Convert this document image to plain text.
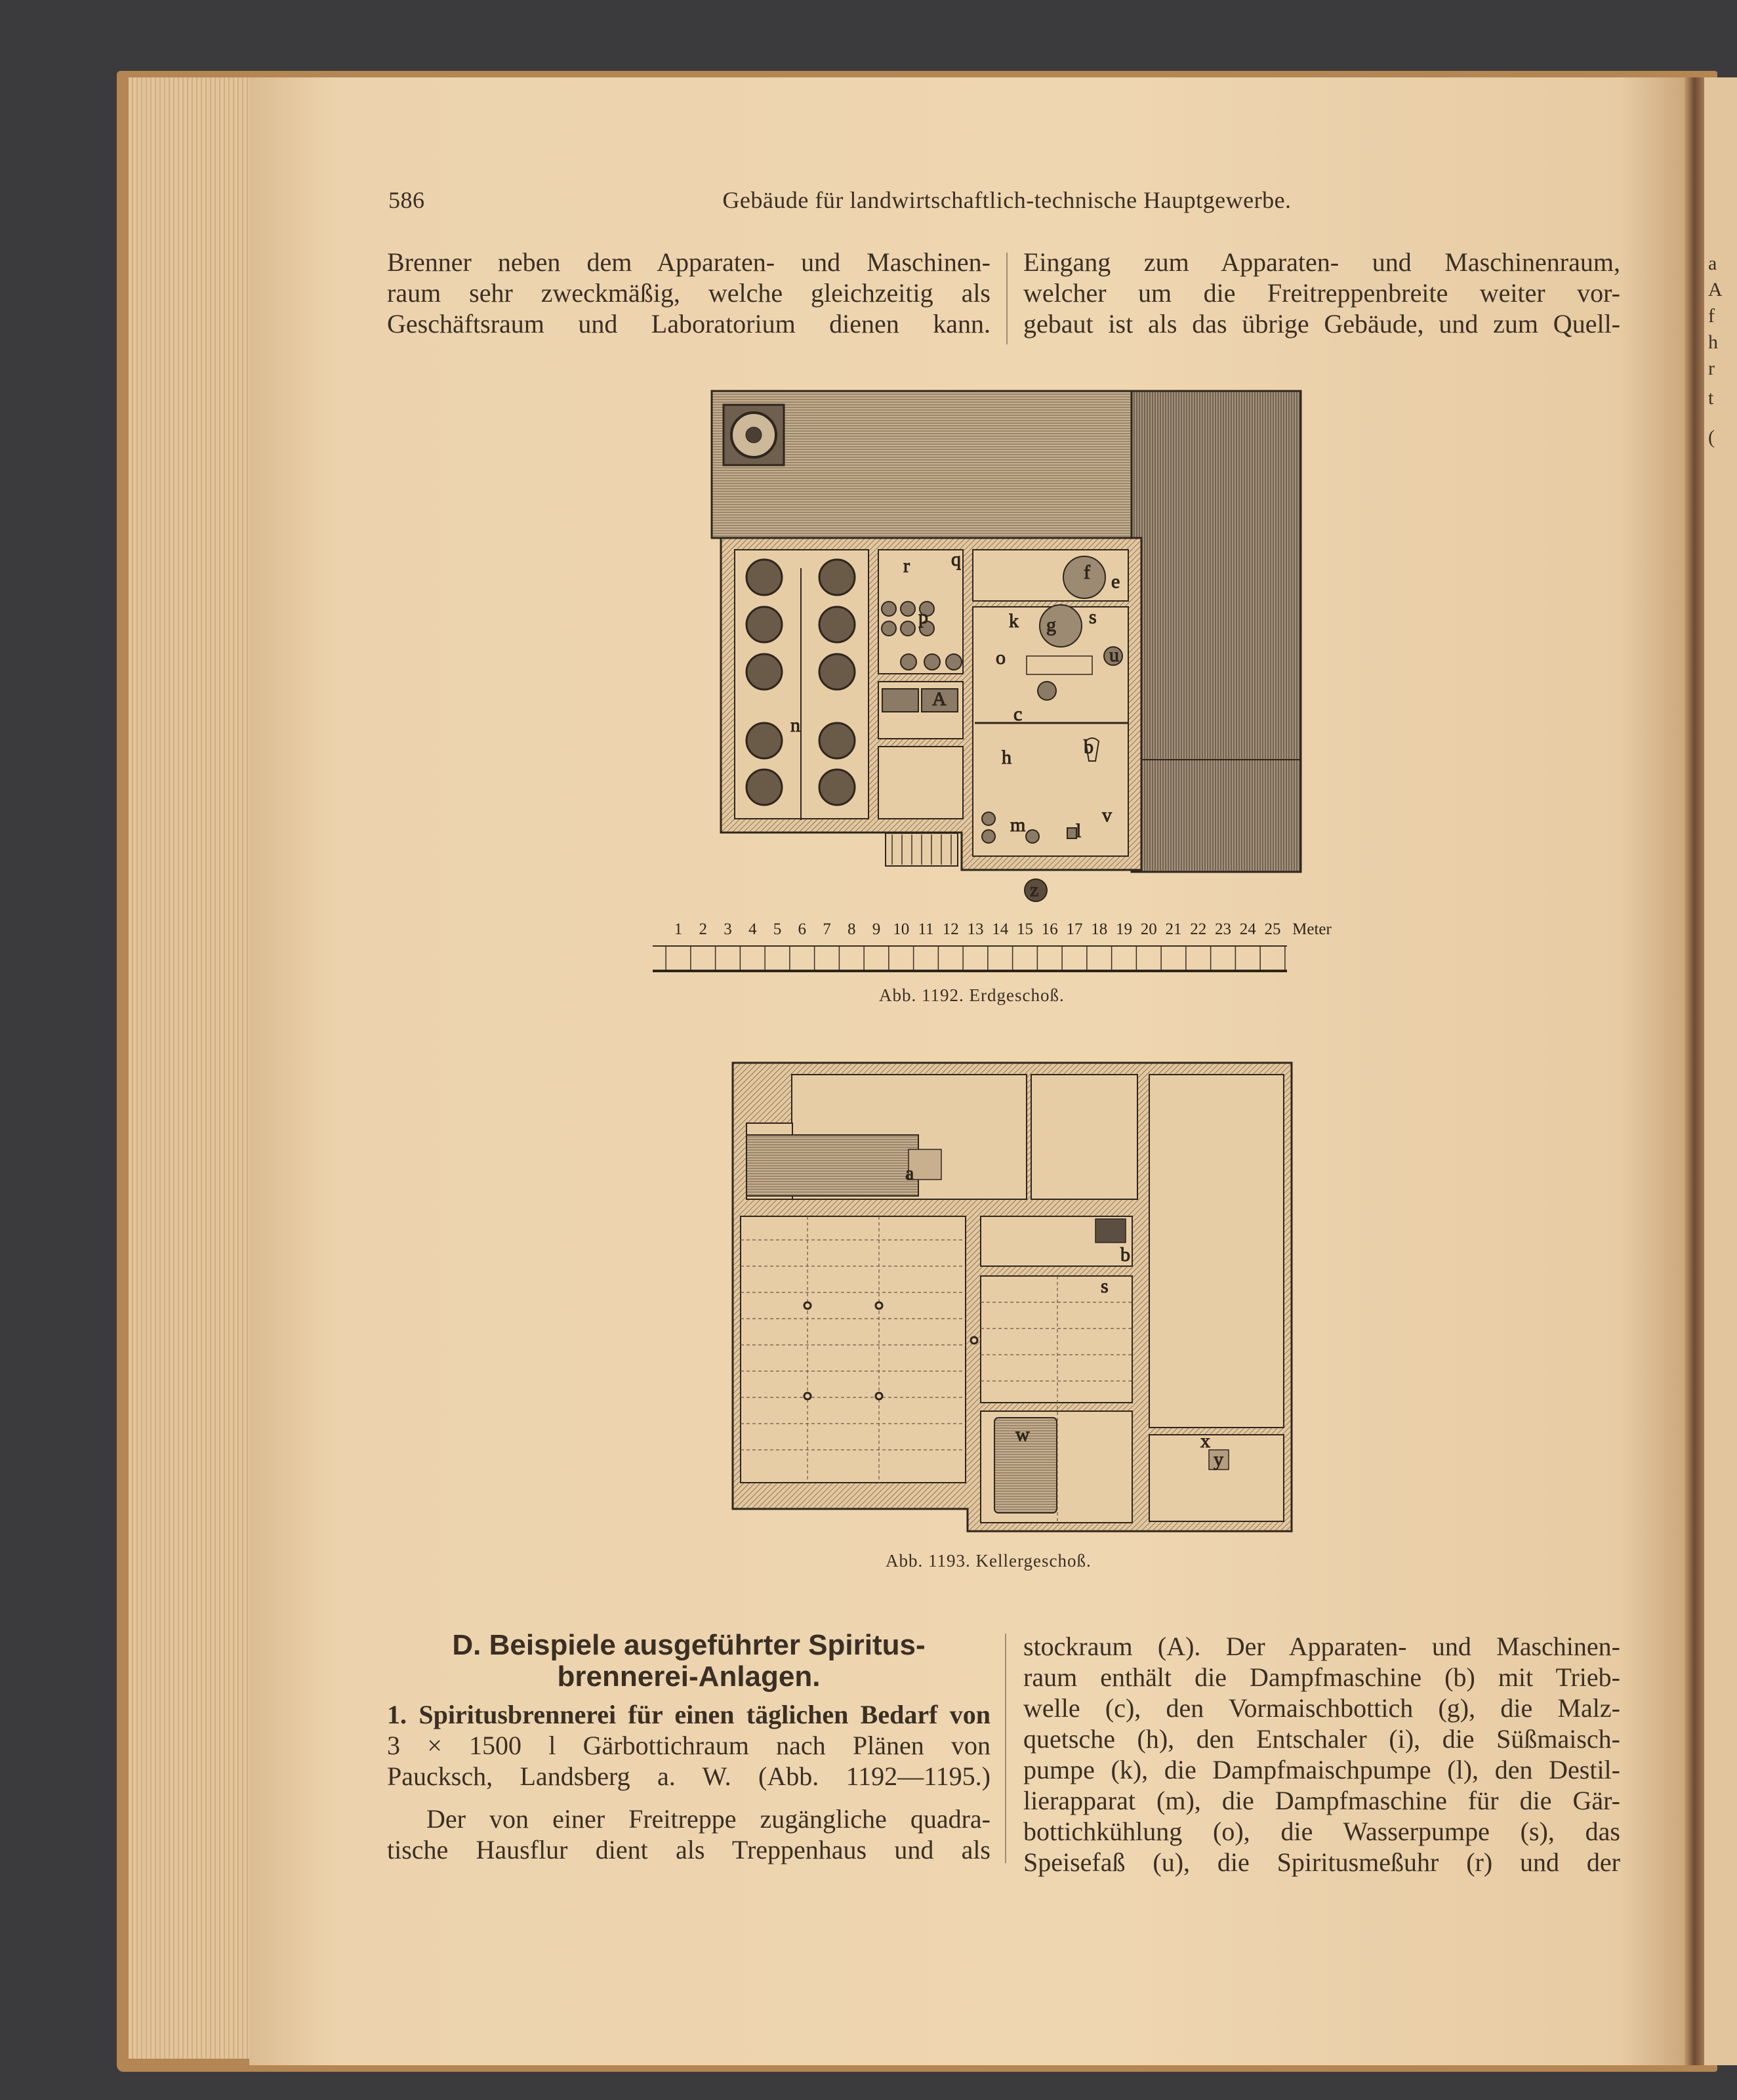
a
A
f
h
r
t
(
586	Gebäude für landwirtschaftlich-technische Hauptgewerbe.
Brenner neben dem Apparaten- und Maschinen-
raum sehr zweckmäßig, welche gleichzeitig als
Geschäftsraum und Laboratorium dienen kann.
Eingang zum Apparaten- und Maschinenraum,
welcher um die Freitreppenbreite weiter vor-
gebaut ist als das übrige Gebäude, und zum Quell-
r q
p	k
f e
g s
u
o
A
c
n
h	b
m	l
v
z
Meter
1 2 3 4 5 6 7 8 9 10 11 12 13 14 15 16 17 18 19 20 21 22 23 24 25
a
b
s
w	x
y
Abb. 1192. Erdgeschoß.
Abb. 1193. Kellergeschoß.
D. Beispiele ausgeführter Spiritus-
brennerei-Anlagen.
1. Spiritusbrennerei für einen täglichen Bedarf von
3 × 1500 l Gärbottichraum nach Plänen von
Paucksch, Landsberg a. W. (Abb. 1192—1195.)
Der von einer Freitreppe zugängliche quadra-
tische Hausflur dient als Treppenhaus und als
stockraum (A). Der Apparaten- und Maschinen-
raum enthält die Dampfmaschine (b) mit Trieb-
welle (c), den Vormaischbottich (g), die Malz-
quetsche (h), den Entschaler (i), die Süßmaisch-
pumpe (k), die Dampfmaischpumpe (l), den Destil-
lierapparat (m), die Dampfmaschine für die Gär-
bottichkühlung (o), die Wasserpumpe (s), das
Speisefaß (u), die Spiritusmeßuhr (r) und der
